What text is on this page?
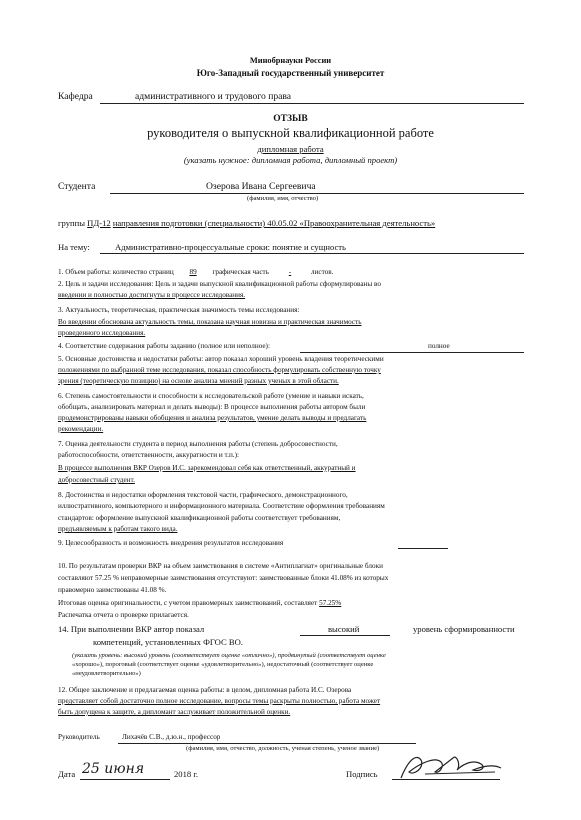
Минобрнауки России
Юго-Западный государственный университет
Кафедра	административного и трудового права
ОТЗЫВ
руководителя о выпускной квалификационной работе
дипломная работа
(указать нужное: дипломная работа, дипломный проект)
Студента	Озерова Ивана Сергеевича
(фамилия, имя, отчество)
группы ПД-12 направления подготовки (специальности) 40.05.02 «Правоохранительная деятельность»
На тему:	Административно-процессуальные сроки: понятие и сущность
1. Объем работы: количество страниц 89 графическая часть	-	листов.
2. Цель и задачи исследования: Цель и задачи выпускной квалификационной работы сформулированы во
введении и полностью достигнуты в процессе исследования.
3. Актуальность, теоретическая, практическая значимость темы исследования:
Во введении обоснована актуальность темы, показана научная новизна и практическая значимость
проведенного исследования.
4. Соответствие содержания работы заданию (полное или неполное):	полное
5. Основные достоинства и недостатки работы: автор показал хороший уровень владения теоретическими
положениями по выбранной теме исследования, показал способность формулировать собственную точку
зрения (теоретическую позицию) на основе анализа мнений разных ученых в этой области.
6. Степень самостоятельности и способности к исследовательской работе (умение и навыки искать,
обобщать, анализировать материал и делать выводы): В процессе выполнения работы автором были
продемонстрированы навыки обобщения и анализа результатов, умение делать выводы и предлагать
рекомендации.
7. Оценка деятельности студента в период выполнения работы (степень добросовестности,
работоспособности, ответственности, аккуратности и т.п.):
В процессе выполнения ВКР Озеров И.С. зарекомендовал себя как ответственный, аккуратный и
добросовестный студент.
8. Достоинства и недостатки оформления текстовой части, графического, демонстрационного,
иллюстративного, компьютерного и информационного материала. Соответствие оформления требованиям
стандартов: оформление выпускной квалификационной работы соответствует требованиям,
предъявляемым к работам такого вида.
9. Целесообразность и возможность внедрения результатов исследования
10. По результатам проверки ВКР на объем заимствования в системе «Антиплагиат» оригинальные блоки
составляют 57.25 % неправомерные заимствования отсутствуют: заимствованные блоки 41.08% из которых
правомерно заимствованы 41.08 %.
Итоговая оценка оригинальности, с учетом правомерных заимствований, составляет 57.25%
Распечатка отчета о проверке прилагается.
14. При выполнении ВКР автор показал	высокий	уровень сформированности
компетенций, установленных ФГОС ВО.
(указать уровень: высокий уровень (соответствует оценке «отлично»), продвинутый (соответствует оценке
«хорошо»), пороговый (соответствует оценке «удовлетворительно»), недостаточный (соответствует оценке
«неудовлетворительно»)
12. Общее заключение и предлагаемая оценка работы: в целом, дипломная работа И.С. Озерова
представляет собой достаточно полное исследование, вопросы темы раскрыты полностью, работа может
быть допущена к защите, а дипломант заслуживает положительной оценки.
Руководитель	Лихачёв С.В., д.ю.н., профессор
(фамилия, имя, отчество, должность, ученая степень, ученое звание)
Дата 25 июня	2018 г.	Подпись
